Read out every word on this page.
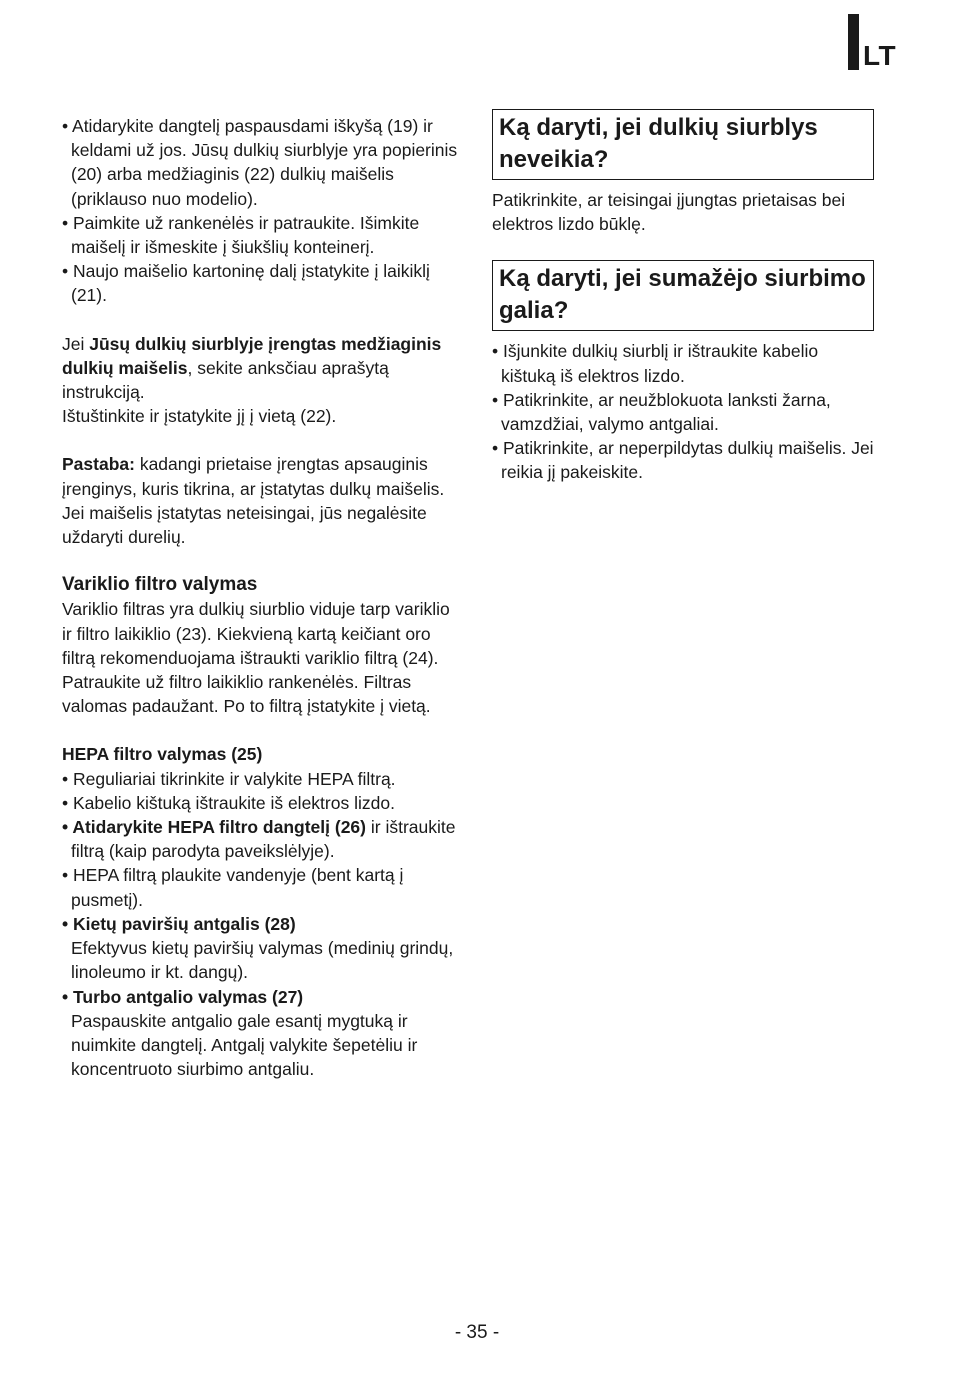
LT
• Atidarykite dangtelį paspausdami iškyšą (19) ir keldami už jos. Jūsų dulkių siurblyje yra popierinis (20) arba medžiaginis (22) dulkių maišelis (priklauso nuo modelio).
• Paimkite už rankenėlės ir patraukite. Išimkite maišelį ir išmeskite į šiukšlių konteinerį.
• Naujo maišelio kartoninę dalį įstatykite į laikiklį (21).
Jei Jūsų dulkių siurblyje įrengtas medžiaginis dulkių maišelis, sekite anksčiau aprašytą instrukciją.
Ištuštinkite ir įstatykite jį į vietą (22).
Pastaba: kadangi prietaise įrengtas apsauginis įrenginys, kuris tikrina, ar įstatytas dulkų maišelis. Jei maišelis įstatytas neteisingai, jūs negalėsite uždaryti durelių.
Variklio filtro valymas
Variklio filtras yra dulkių siurblio viduje tarp variklio ir filtro laikiklio (23). Kiekvieną kartą keičiant oro filtrą rekomenduojama ištraukti variklio filtrą (24). Patraukite už filtro laikiklio rankenėlės. Filtras valomas padaužant. Po to filtrą įstatykite į vietą.
HEPA filtro valymas (25)
• Reguliariai tikrinkite ir valykite HEPA filtrą.
• Kabelio kištuką ištraukite iš elektros lizdo.
• Atidarykite HEPA filtro dangtelį (26) ir ištraukite filtrą (kaip parodyta paveikslėlyje).
• HEPA filtrą plaukite vandenyje (bent kartą į pusmetį).
• Kietų paviršių antgalis (28)
Efektyvus kietų paviršių valymas (medinių grindų, linoleumo ir kt. dangų).
• Turbo antgalio valymas (27)
Paspauskite antgalio gale esantį mygtuką ir nuimkite dangtelį. Antgalį valykite šepetėliu ir koncentruoto siurbimo antgaliu.
Ką daryti, jei dulkių siurblys neveikia?
Patikrinkite, ar teisingai įjungtas prietaisas bei elektros lizdo būklę.
Ką daryti, jei sumažėjo siurbimo galia?
• Išjunkite dulkių siurblį ir ištraukite kabelio kištuką iš elektros lizdo.
• Patikrinkite, ar neužblokuota lanksti žarna, vamzdžiai, valymo antgaliai.
• Patikrinkite, ar neperpildytas dulkių maišelis. Jei reikia jį pakeiskite.
- 35 -
